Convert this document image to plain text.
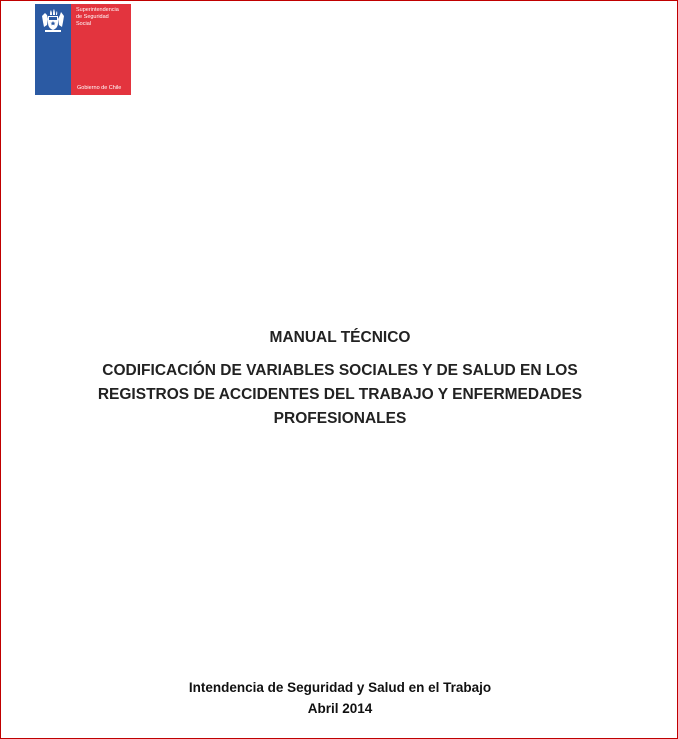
Superintendencia
de Seguridad
Social
Gobierno de Chile
MANUAL TÉCNICO
CODIFICACIÓN DE VARIABLES SOCIALES Y DE SALUD EN LOS
REGISTROS DE ACCIDENTES DEL TRABAJO Y ENFERMEDADES
PROFESIONALES
Intendencia de Seguridad y Salud en el Trabajo
Abril 2014
